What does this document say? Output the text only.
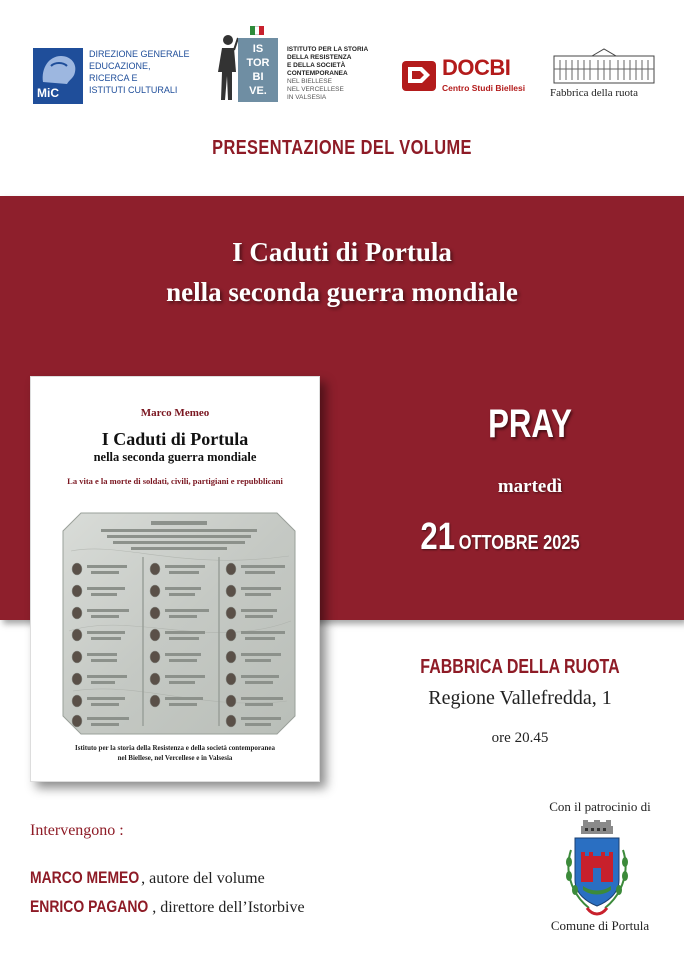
MiC
DIREZIONE GENERALE
EDUCAZIONE,
RICERCA E
ISTITUTI CULTURALI
IS
TOR
BI
VE.
ISTITUTO PER LA STORIA
DELLA RESISTENZA
E DELLA SOCIETÀ
CONTEMPORANEA
NEL BIELLESE
NEL VERCELLESE
IN VALSESIA
DOCBI
Centro Studi Biellesi Fabbrica della ruota
PRESENTAZIONE DEL VOLUME
I Caduti di Portula
nella seconda guerra mondiale
Marco Memeo
I Caduti di Portula
nella seconda guerra mondiale
La vita e la morte di soldati, civili, partigiani e repubblicani
Istituto per la storia della Resistenza e della società contemporanea
nel Biellese, nel Vercellese e in Valsesia
PRAY
martedì
21 OTTOBRE 2025
FABBRICA DELLA RUOTA
Regione Vallefredda, 1
ore 20.45
Intervengono :
MARCO MEMEO , autore del volume
ENRICO PAGANO , direttore dell’Istorbive
Con il patrocinio di
Comune di Portula
